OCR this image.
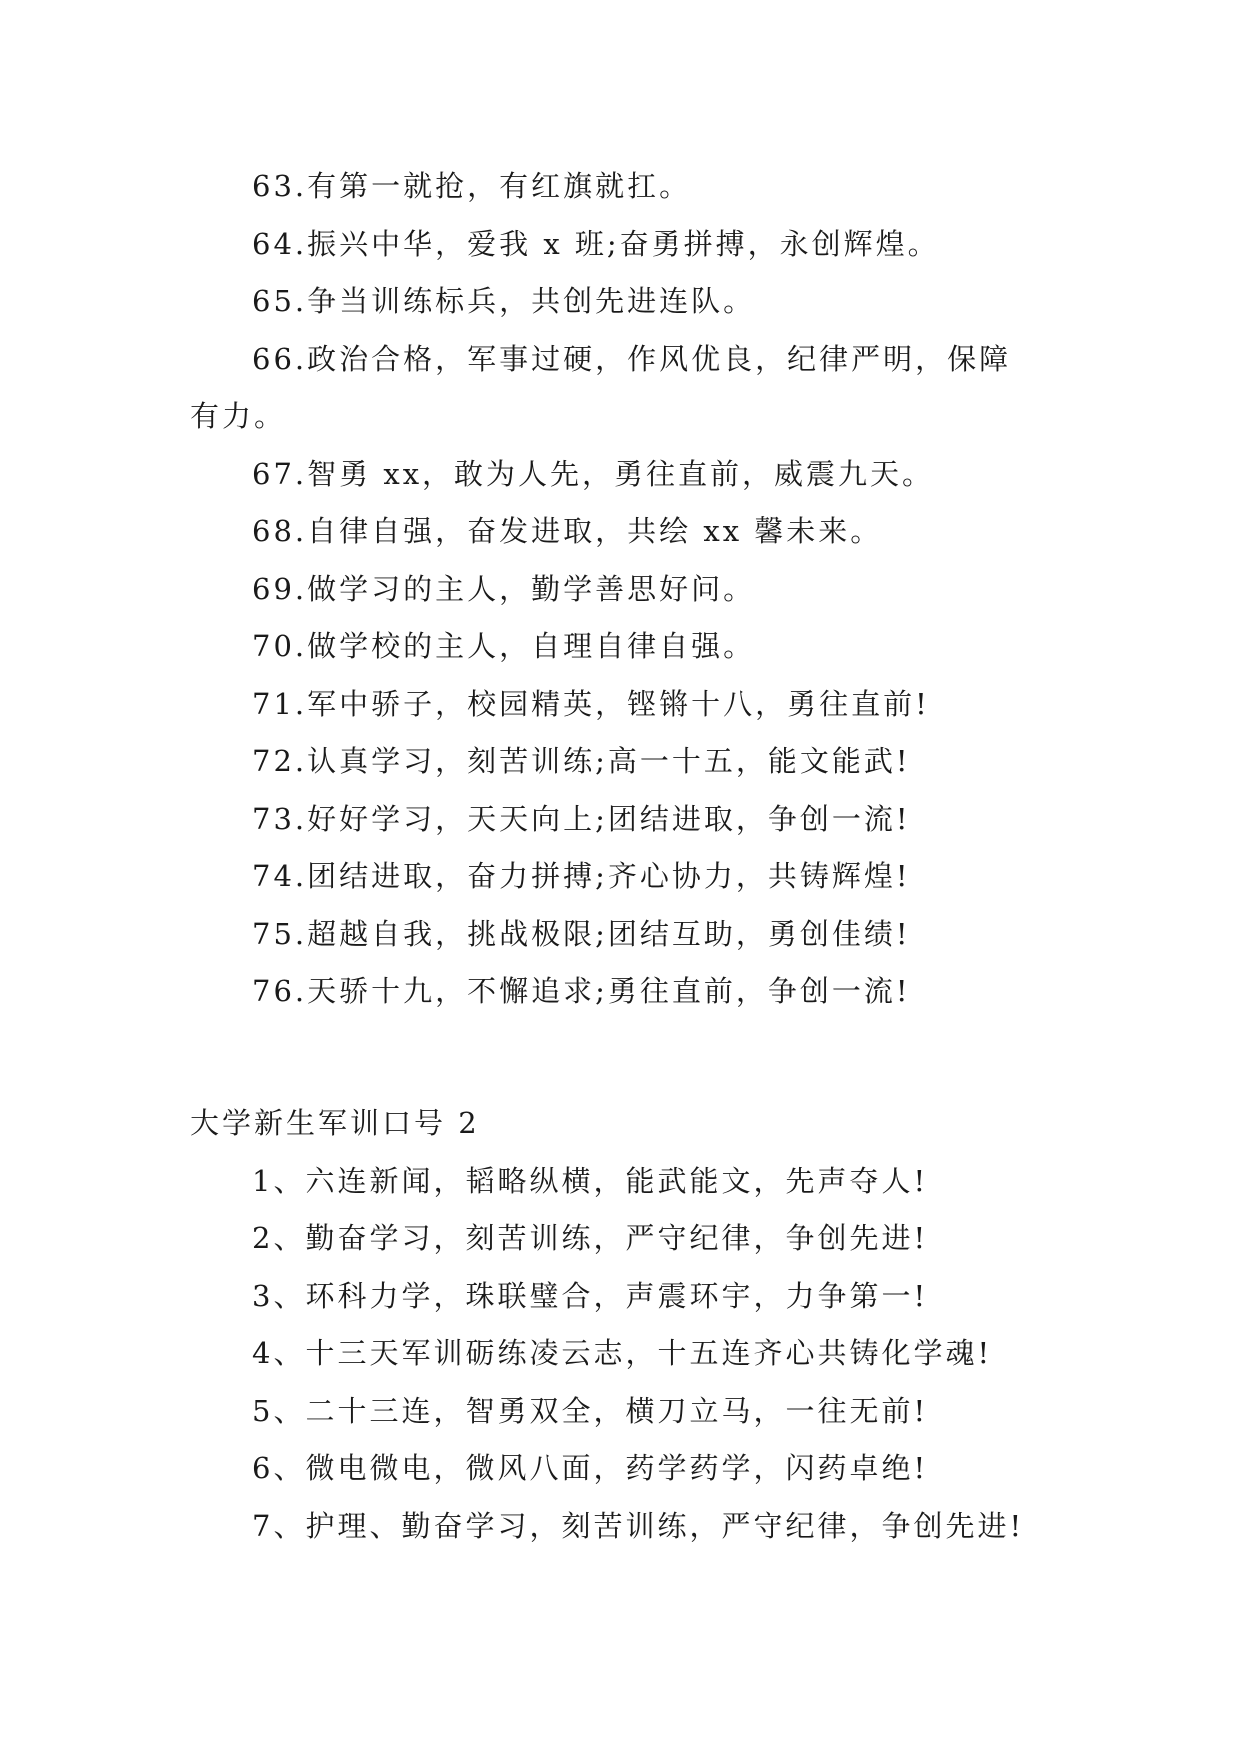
63.有第一就抢，有红旗就扛。
64.振兴中华，爱我 x 班;奋勇拼搏，永创辉煌。
65.争当训练标兵，共创先进连队。
66.政治合格，军事过硬，作风优良，纪律严明，保障
有力。
67.智勇 xx，敢为人先，勇往直前，威震九天。
68.自律自强，奋发进取，共绘 xx 馨未来。
69.做学习的主人，勤学善思好问。
70.做学校的主人，自理自律自强。
71.军中骄子，校园精英，铿锵十八，勇往直前!
72.认真学习，刻苦训练;高一十五，能文能武!
73.好好学习，天天向上;团结进取，争创一流!
74.团结进取，奋力拼搏;齐心协力，共铸辉煌!
75.超越自我，挑战极限;团结互助，勇创佳绩!
76.天骄十九，不懈追求;勇往直前，争创一流!
大学新生军训口号 2
1、六连新闻，韬略纵横，能武能文，先声夺人!
2、勤奋学习，刻苦训练，严守纪律，争创先进!
3、环科力学，珠联璧合，声震环宇，力争第一!
4、十三天军训砺练凌云志，十五连齐心共铸化学魂!
5、二十三连，智勇双全，横刀立马，一往无前!
6、微电微电，微风八面，药学药学，闪药卓绝!
7、护理、勤奋学习，刻苦训练，严守纪律，争创先进!
